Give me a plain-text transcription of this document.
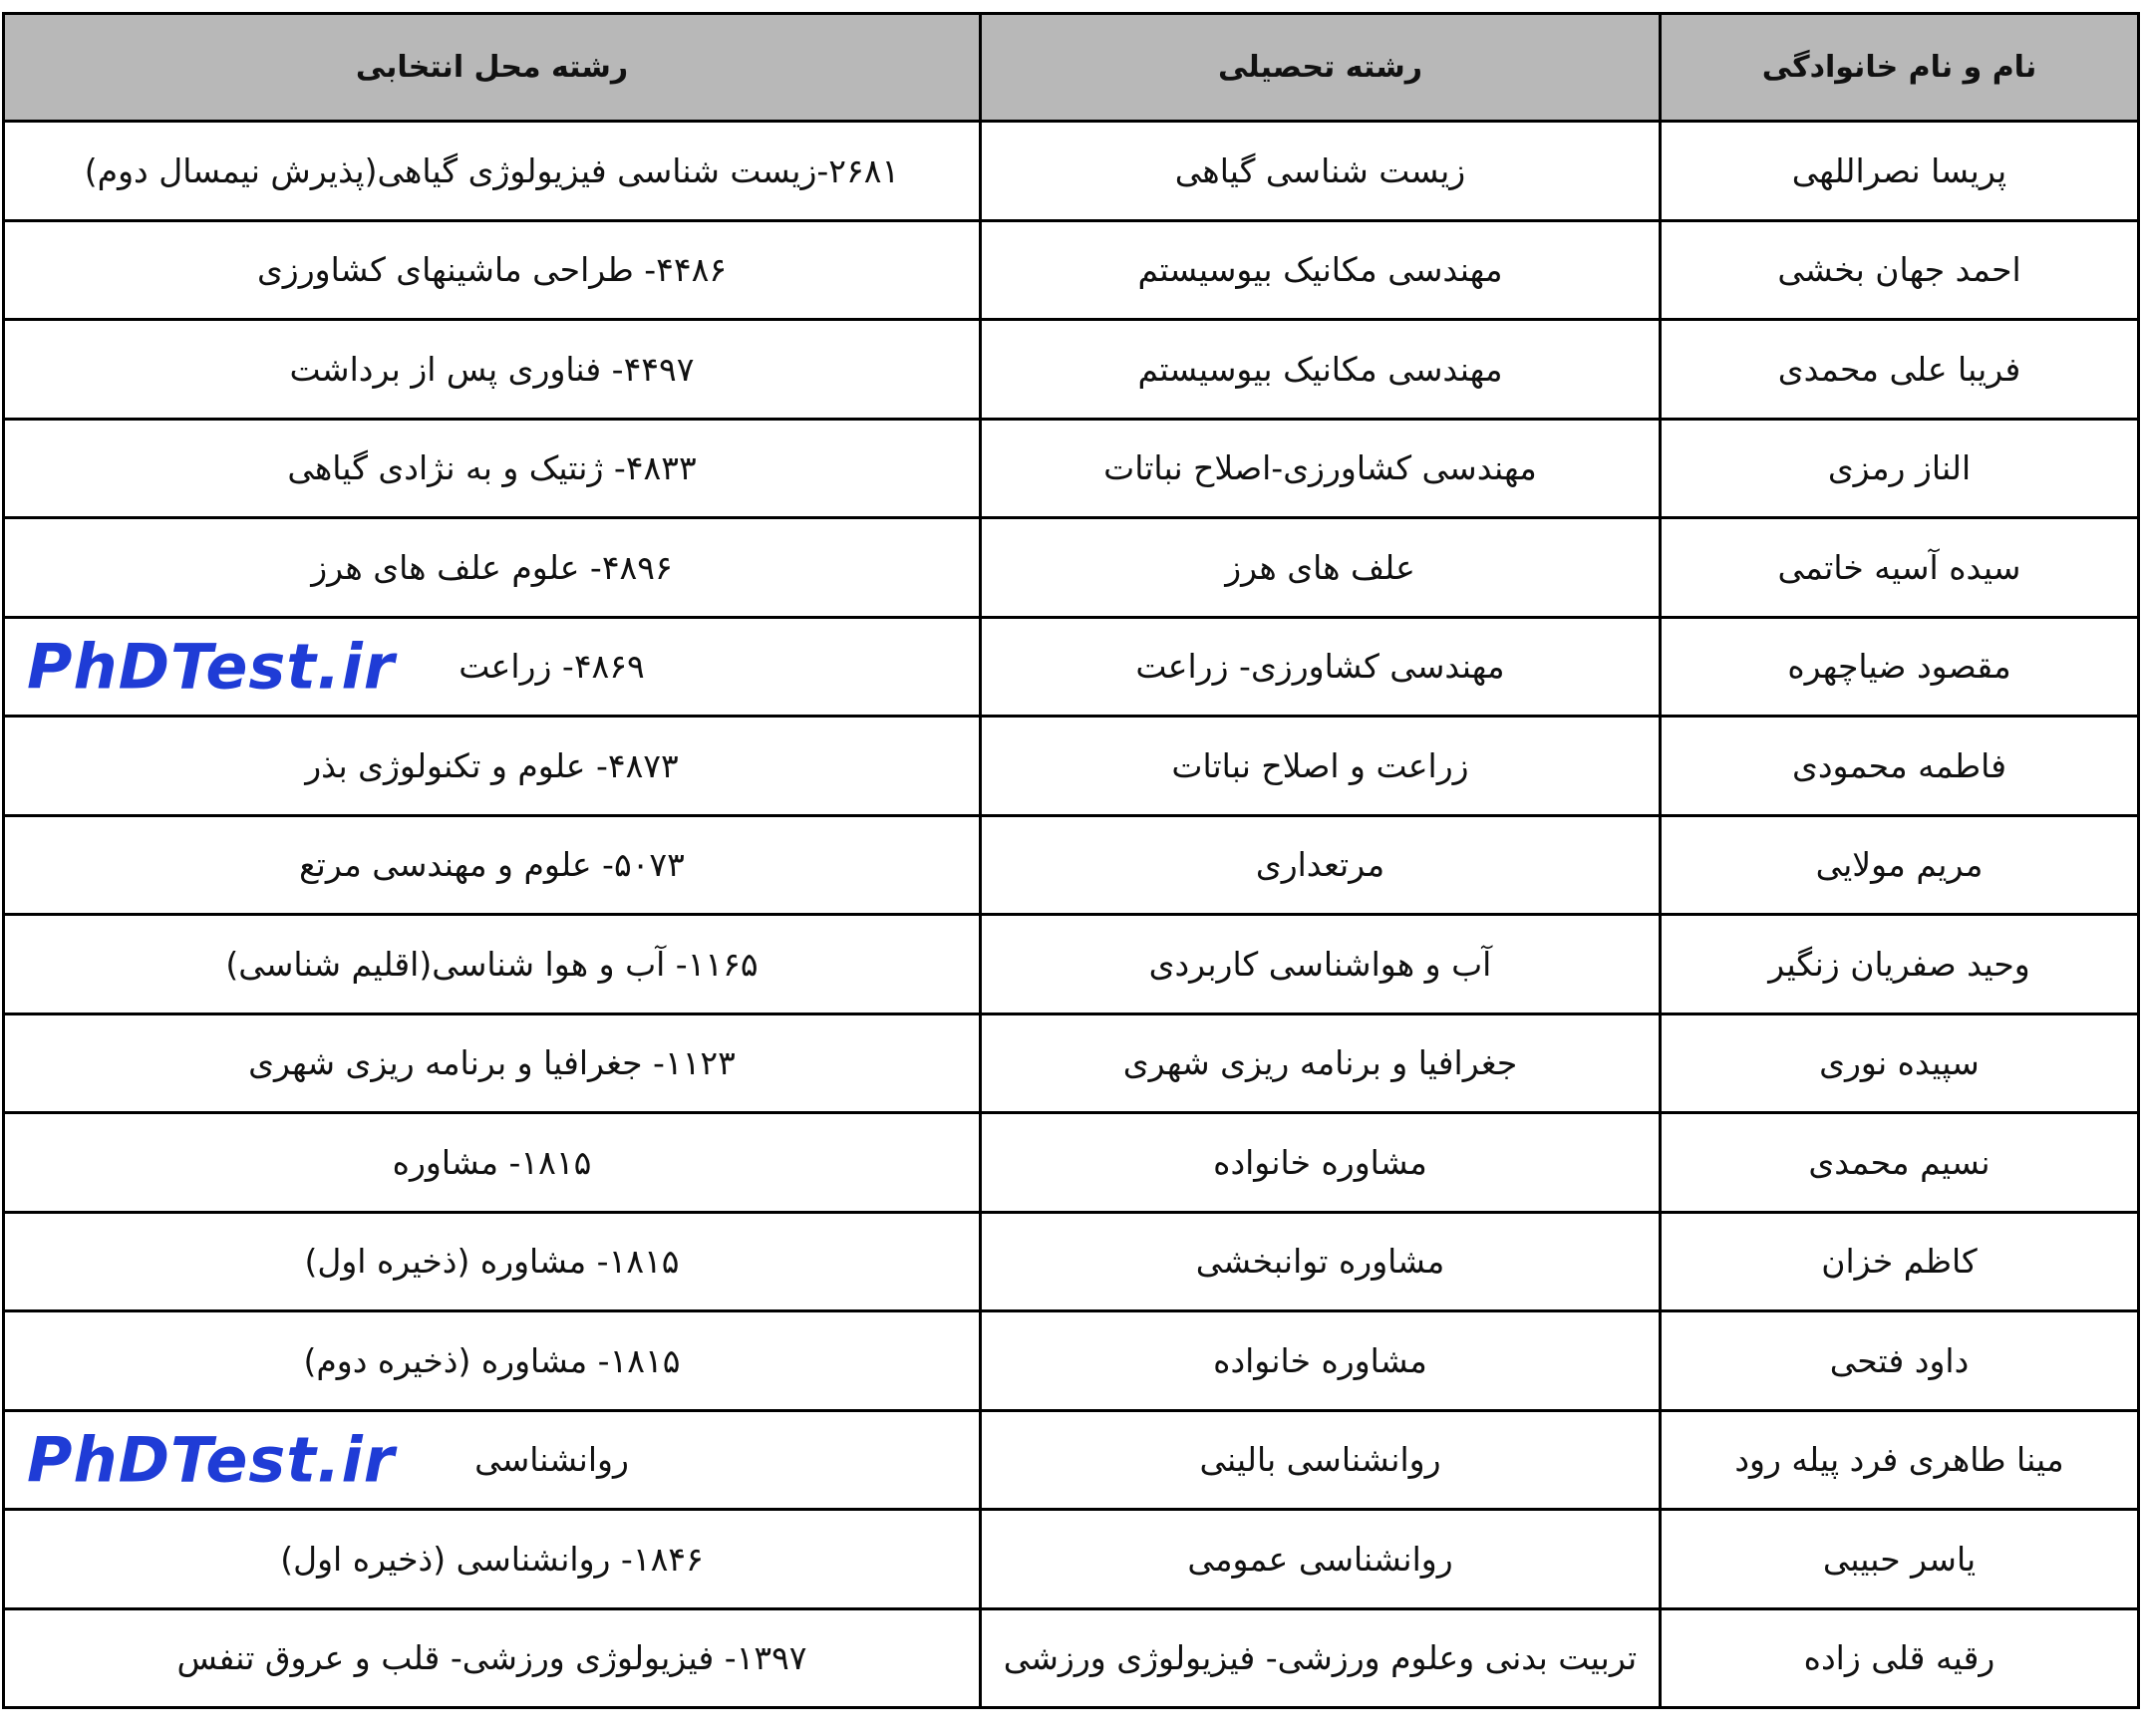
نام و نام خانوادگی	رشته تحصیلی	رشته محل انتخابی
پریسا نصراللهی	زیست شناسی گیاهی	۲۶۸۱-زیست شناسی فیزیولوژی گیاهی(پذیرش نیمسال دوم)
احمد جهان بخشی	مهندسی مکانیک بیوسیستم	۴۴۸۶- طراحی ماشینهای کشاورزی
فریبا علی محمدی	مهندسی مکانیک بیوسیستم	۴۴۹۷- فناوری پس از برداشت
الناز رمزی	مهندسی کشاورزی-اصلاح نباتات	۴۸۳۳- ژنتیک و به نژادی گیاهی
سیده آسیه خاتمی	علف های هرز	۴۸۹۶- علوم علف های هرز
مقصود ضیاچهره	مهندسی کشاورزی- زراعت	۴۸۶۹- زراعت
PhDTest.ir

فاطمه محمودی	زراعت و اصلاح نباتات	۴۸۷۳- علوم و تکنولوژی بذر
مریم مولایی	مرتعداری	۵۰۷۳- علوم و مهندسی مرتع
وحید صفریان زنگیر	آب و هواشناسی کاربردی	۱۱۶۵- آب و هوا شناسی(اقلیم شناسی)
سپیده نوری	جغرافیا و برنامه ریزی شهری	۱۱۲۳- جغرافیا و برنامه ریزی شهری
نسیم محمدی	مشاوره خانواده	۱۸۱۵- مشاوره
کاظم خزان	مشاوره توانبخشی	۱۸۱۵- مشاوره (ذخیره اول)
داود فتحی	مشاوره خانواده	۱۸۱۵- مشاوره (ذخیره دوم)
مینا طاهری فرد پیله رود	روانشناسی بالینی	روانشناسی
PhDTest.ir

یاسر حبیبی	روانشناسی عمومی	۱۸۴۶- روانشناسی (ذخیره اول)
رقیه قلی زاده	تربیت بدنی وعلوم ورزشی- فیزیولوژی ورزشی	۱۳۹۷- فیزیولوژی ورزشی- قلب و عروق تنفس
